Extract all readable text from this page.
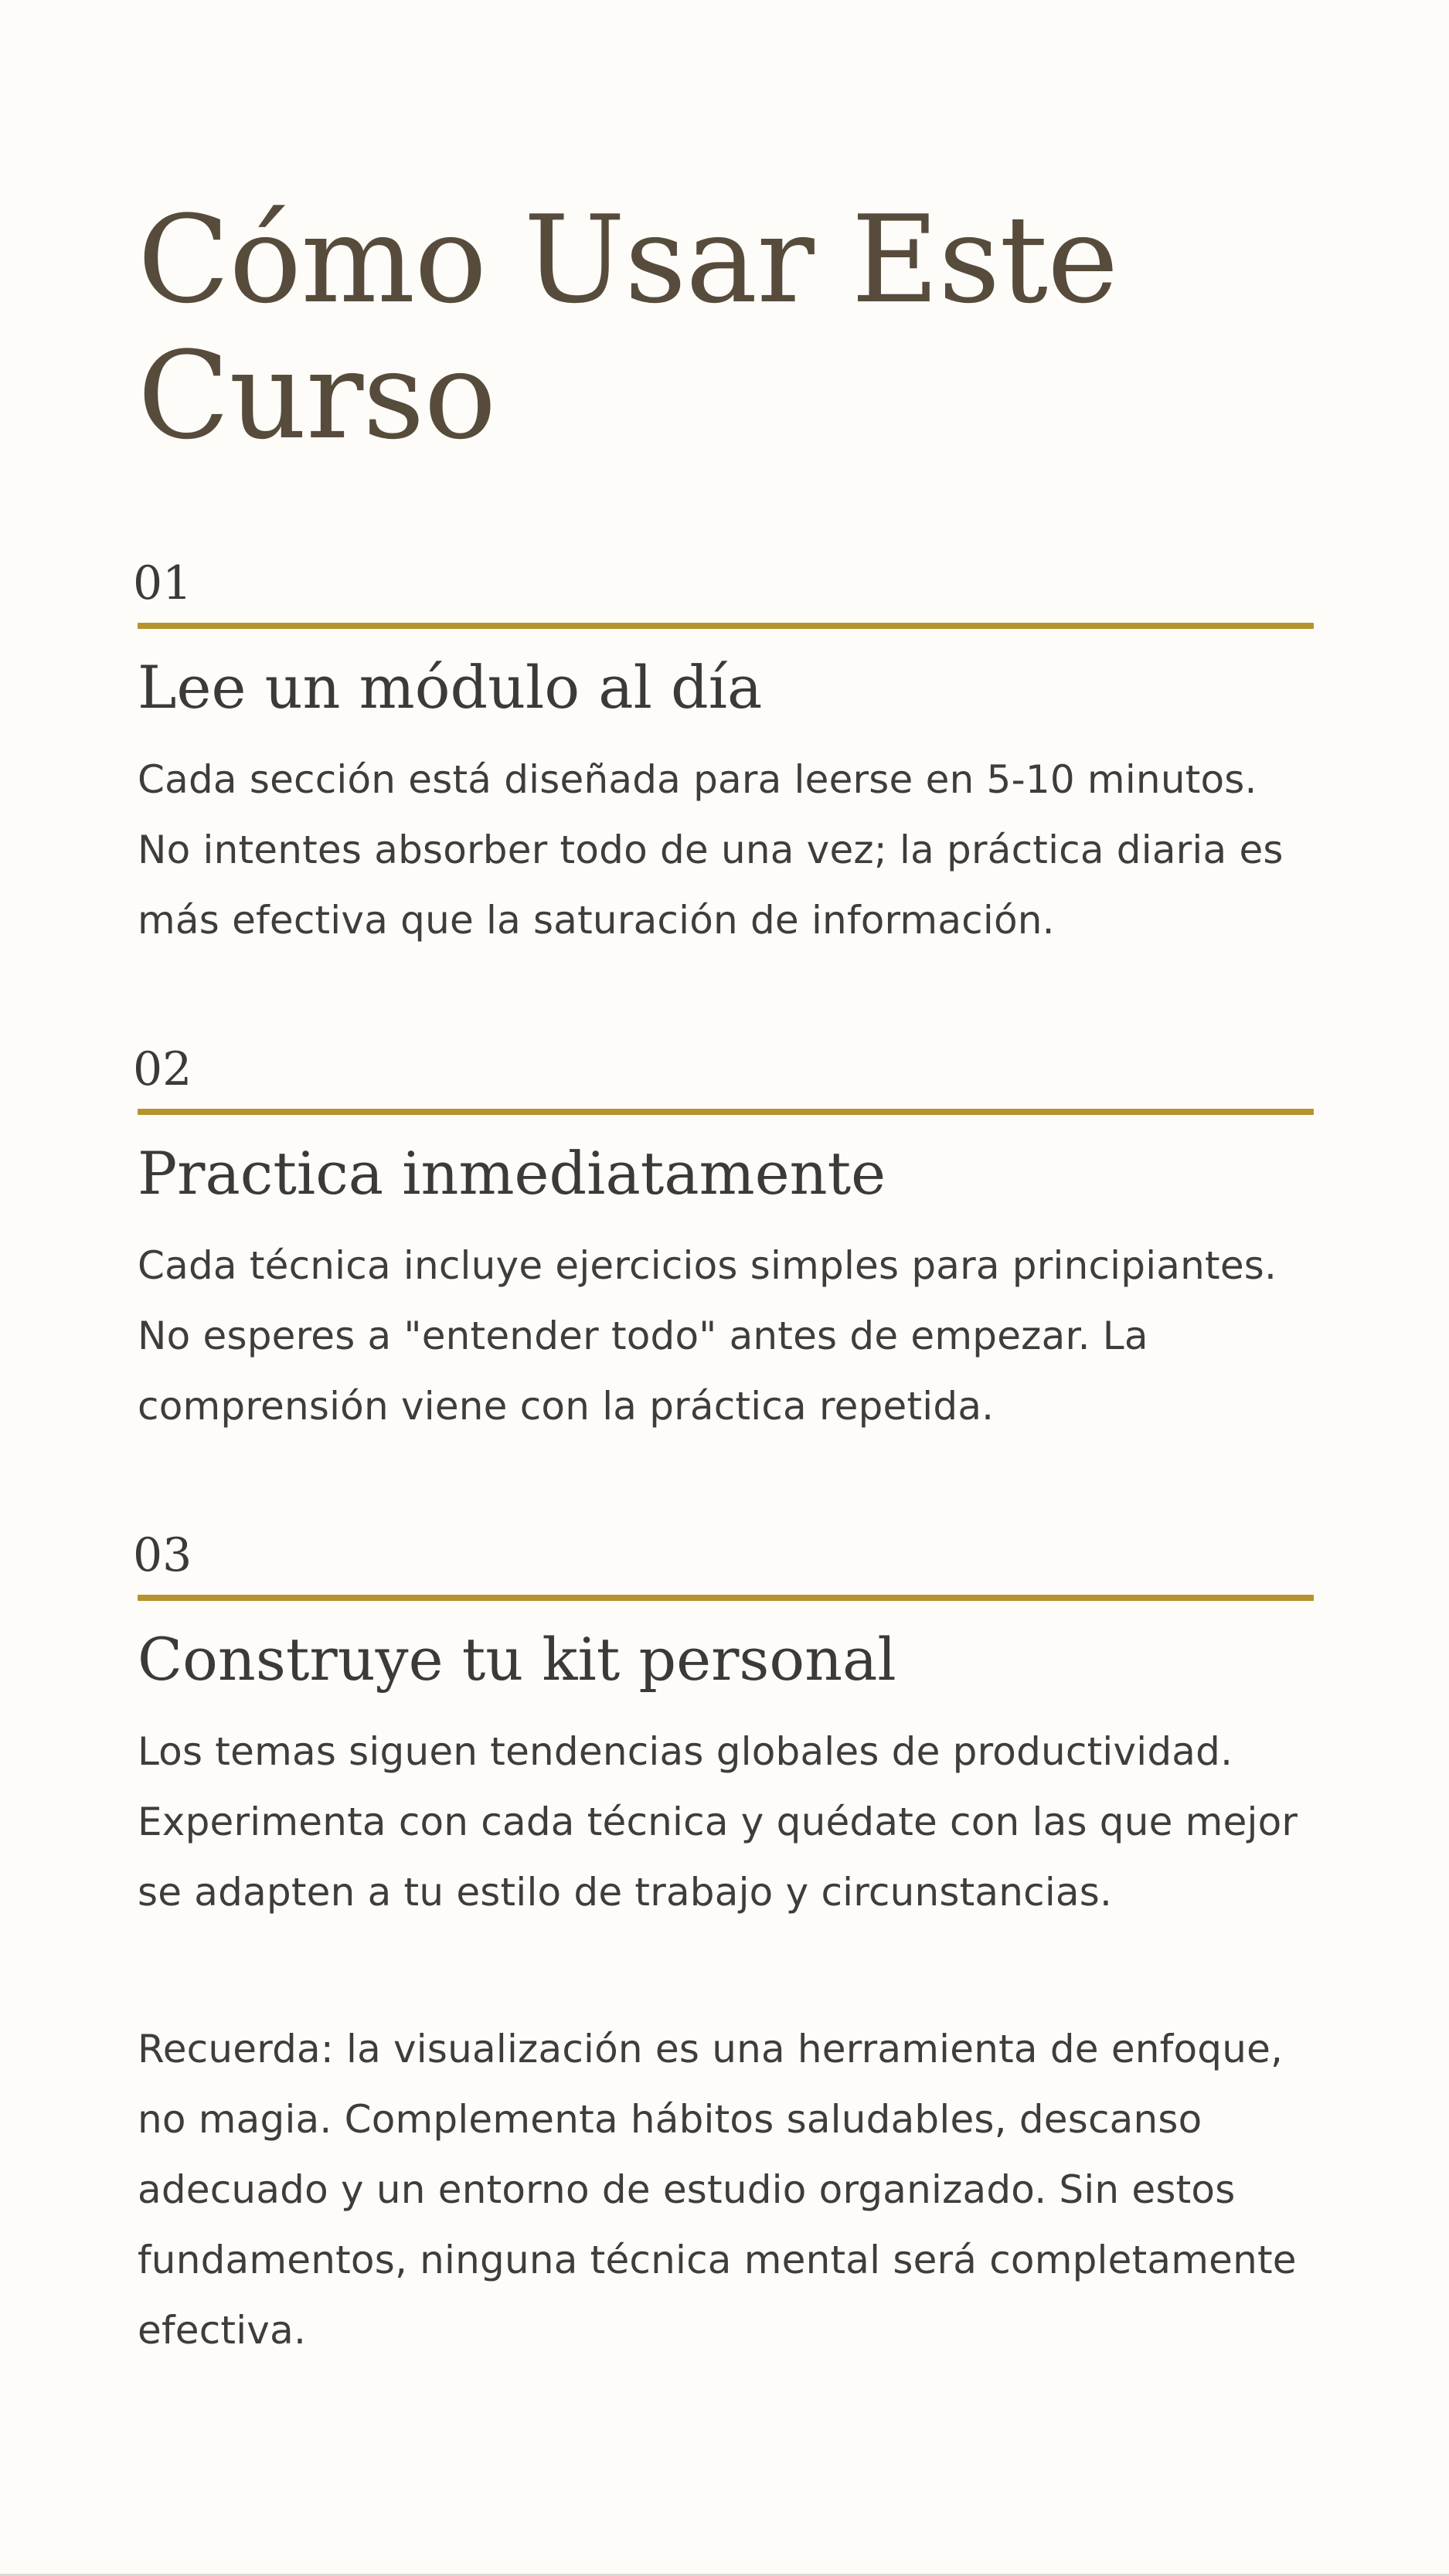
Cómo Usar Este Curso
01
Lee un módulo al día

Cada sección está diseñada para leerse en 5-10 minutos. No intentes absorber todo de una vez; la práctica diaria es más efectiva que la saturación de información.

02
Practica inmediatamente

Cada técnica incluye ejercicios simples para principiantes. No esperes a "entender todo" antes de empezar. La comprensión viene con la práctica repetida.

03
Construye tu kit personal

Los temas siguen tendencias globales de productividad. Experimenta con cada técnica y quédate con las que mejor se adapten a tu estilo de trabajo y circunstancias.

Recuerda: la visualización es una herramienta de enfoque, no magia. Complementa hábitos saludables, descanso adecuado y un entorno de estudio organizado. Sin estos fundamentos, ninguna técnica mental será completamente efectiva.
